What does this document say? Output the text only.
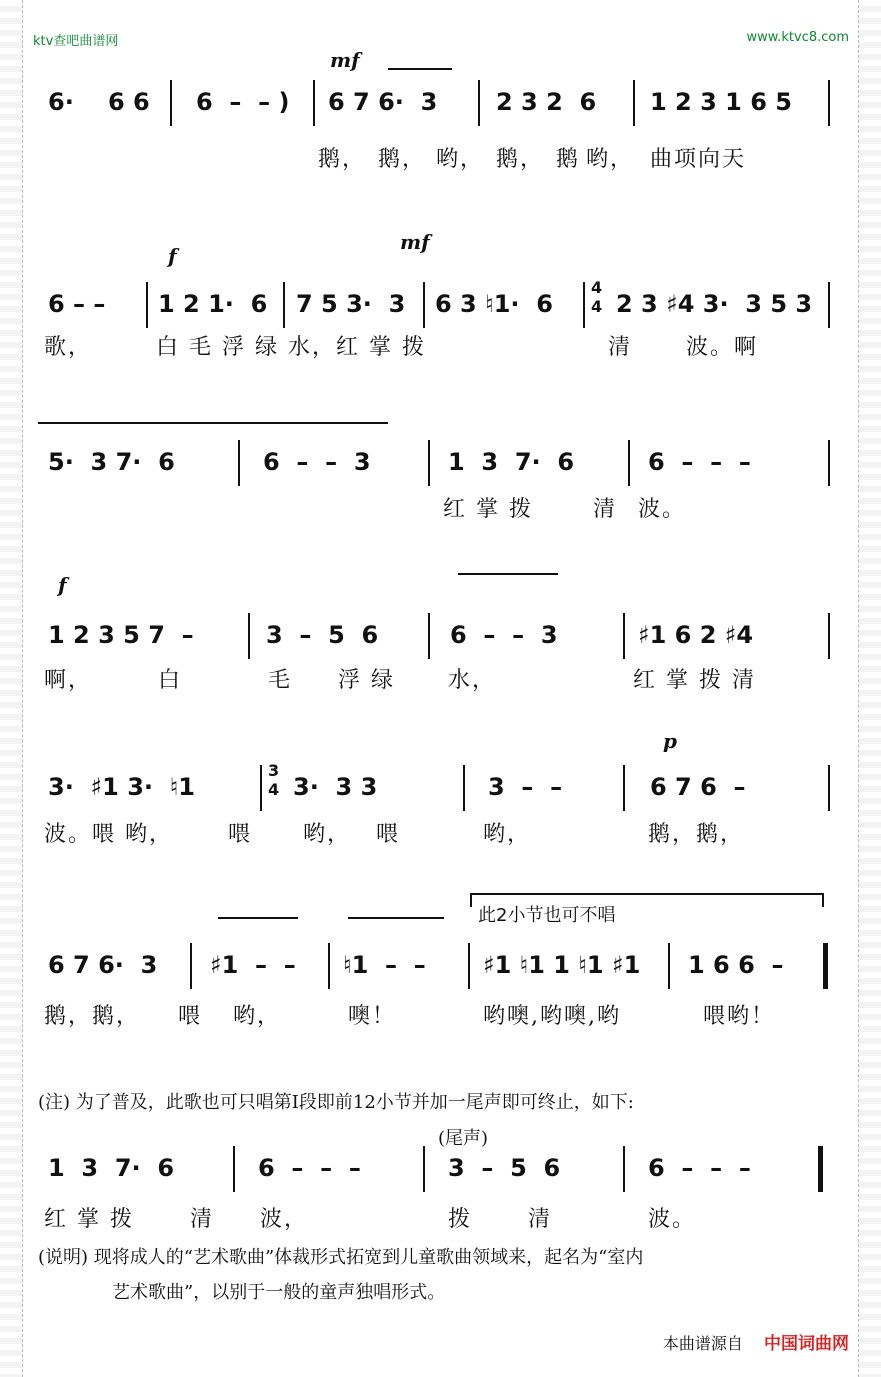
ktv查吧曲谱网	www.ktvc8.com
mf
6· 6 6 6  –  – ) 6 7 6·  3 2 3 2  6 1 2 3 1 6 5
鹅， 鹅， 哟， 鹅， 鹅 哟， 曲项向天
f
mf
6 – – 1 2 1·  6 7 5 3·  3 6 3 ♮1·  6
4
4 2 3 ♯4 3·  3 5 3
歌，	白 毛 浮 绿 水，红 掌 拨	清 波。啊
5·  3 7·  6	6  –  –  3	1  3  7·  6	6  –  –  –
红 掌 拨	清 波。
f
1 2 3 5 7  –	3  –  5  6	6  –  –  3	♯1 6 2 ♯4
啊，	白	毛 浮 绿 水，	红 掌 拨 清
p
3·  ♯1 3·  ♮1
3
4 3·  3 3	3  –  –	6 7 6  –
波。喂 哟，	喂 哟， 喂	哟，	鹅，鹅，
此2小节也可不唱
6 7 6·  3 ♯1  –  – ♮1  –  – ♯1 ♮1 1 ♮1 ♯1 1 6 6  –
鹅，鹅， 喂 哟，	噢！	哟噢,哟噢,哟	喂哟！
(注) 为了普及，此歌也可只唱第Ⅰ段即前12小节并加一尾声即可终止，如下:
(尾声)
1  3  7·  6	6  –  –  –	3  –  5  6	6  –  –  –
红 掌 拨	清 波，	拨	清	波。
(说明) 现将成人的“艺术歌曲”体裁形式拓宽到儿童歌曲领域来，起名为“室内
艺术歌曲”，以别于一般的童声独唱形式。
本曲谱源自 中国词曲网
